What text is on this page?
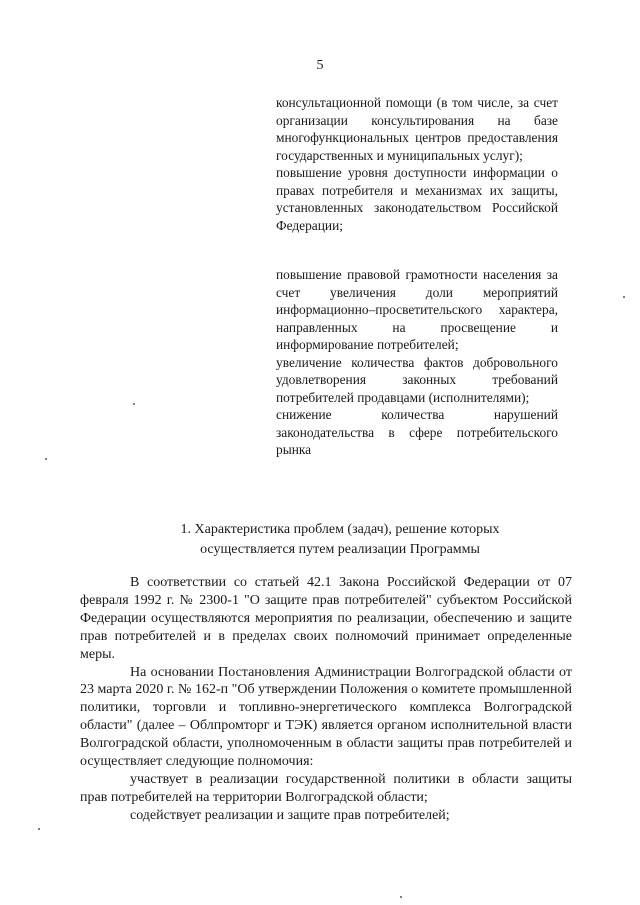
5

консультационной помощи (в том числе, за счет организации консультирования на базе многофункциональных центров предоставления государственных и муниципальных услуг);

повышение уровня доступности информации о правах потребителя и механизмах их защиты, установленных законодательством Российской Федерации;

повышение правовой грамотности населения за счет увеличения доли мероприятий информационно–просветительского характера, направленных на просвещение и информирование потребителей;

увеличение количества фактов добровольного удовлетворения законных требований потребителей продавцами (исполнителями);

снижение количества нарушений законодательства в сфере потребительского рынка

1. Характеристика проблем (задач), решение которых осуществляется путем реализации Программы

В соответствии со статьей 42.1 Закона Российской Федерации от 07 февраля 1992 г. № 2300-1 "О защите прав потребителей" субъектом Российской Федерации осуществляются мероприятия по реализации, обеспечению и защите прав потребителей и в пределах своих полномочий принимает определенные меры.

На основании Постановления Администрации Волгоградской области от 23 марта 2020 г. № 162-п "Об утверждении Положения о комитете промышленной политики, торговли и топливно-энергетического комплекса Волгоградской области" (далее – Облпромторг и ТЭК) является органом исполнительной власти Волгоградской области, уполномоченным в области защиты прав потребителей и осуществляет следующие полномочия:

участвует в реализации государственной политики в области защиты прав потребителей на территории Волгоградской области;

содействует реализации и защите прав потребителей;
